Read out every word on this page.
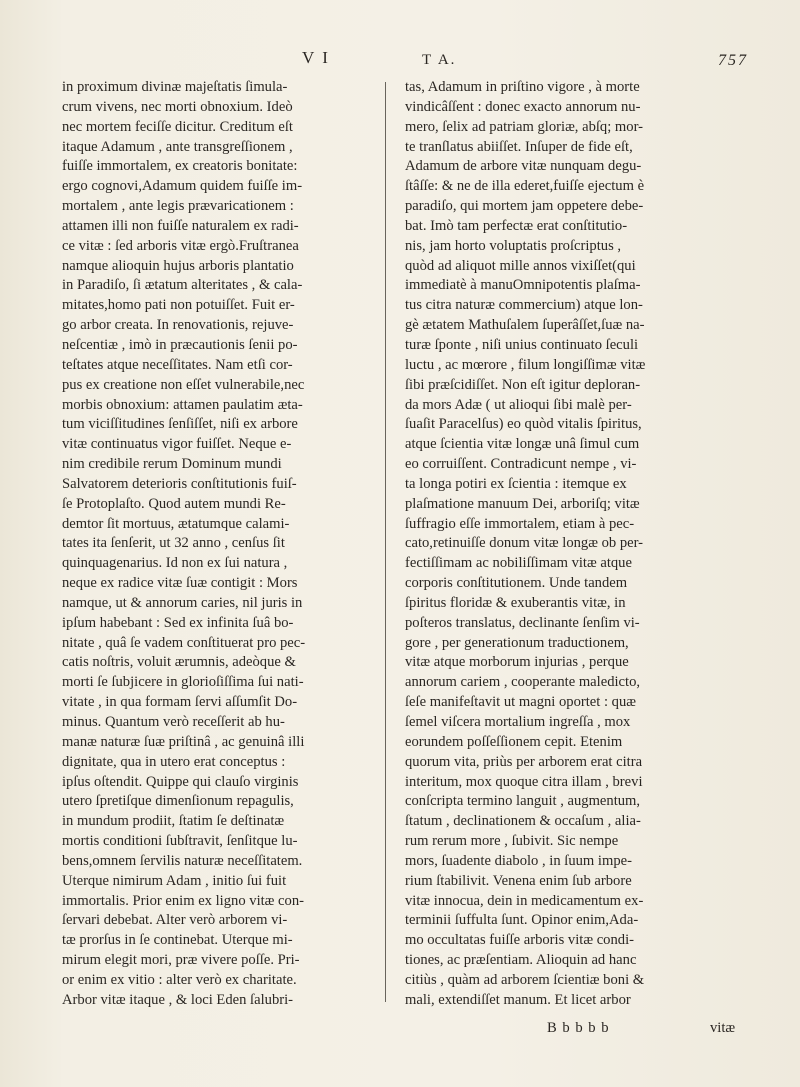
V I	T A.	757
in proximum divinæ majeſtatis ſimula-
crum vivens, nec morti obnoxium. Ideò
nec mortem feciſſe dicitur. Creditum eſt
itaque Adamum , ante transgreſſionem ,
fuiſſe immortalem, ex creatoris bonitate:
ergo cognovi,Adamum quidem fuiſſe im-
mortalem , ante legis prævaricationem :
attamen illi non fuiſſe naturalem ex radi-
ce vitæ : ſed arboris vitæ ergò.Fruſtranea
namque alioquin hujus arboris plantatio
in Paradiſo, ſi ætatum alteritates , & cala-
mitates,homo pati non potuiſſet. Fuit er-
go arbor creata. In renovationis, rejuve-
neſcentiæ , imò in præcautionis ſenii po-
teſtates atque neceſſitates. Nam etſi cor-
pus ex creatione non eſſet vulnerabile,nec
morbis obnoxium: attamen paulatim æta-
tum viciſſitudines ſenſiſſet, niſi ex arbore
vitæ continuatus vigor fuiſſet. Neque e-
nim credibile rerum Dominum mundi
Salvatorem deterioris conſtitutionis fuiſ-
ſe Protoplaſto. Quod autem mundi Re-
demtor ſit mortuus, ætatumque calami-
tates ita ſenſerit, ut 32 anno , cenſus ſit
quinquagenarius. Id non ex ſui natura ,
neque ex radice vitæ ſuæ contigit : Mors
namque, ut & annorum caries, nil juris in
ipſum habebant : Sed ex infinita ſuâ bo-
nitate , quâ ſe vadem conſtituerat pro pec-
catis noſtris, voluit ærumnis, adeòque &
morti ſe ſubjicere in glorioſiſſima ſui nati-
vitate , in qua formam ſervi aſſumſit Do-
minus. Quantum verò receſſerit ab hu-
manæ naturæ ſuæ priſtinâ , ac genuinâ illi
dignitate, qua in utero erat conceptus :
ipſus oſtendit. Quippe qui clauſo virginis
utero ſpretiſque dimenſionum repagulis,
in mundum prodiit, ſtatim ſe deſtinatæ
mortis conditioni ſubſtravit, ſenſitque lu-
bens,omnem ſervilis naturæ neceſſitatem.
Uterque nimirum Adam , initio ſui fuit
immortalis. Prior enim ex ligno vitæ con-
ſervari debebat. Alter verò arborem vi-
tæ prorſus in ſe continebat. Uterque mi-
mirum elegit mori, præ vivere poſſe. Pri-
or enim ex vitio : alter verò ex charitate.
Arbor vitæ itaque , & loci Eden ſalubri-
tas, Adamum in priſtino vigore , à morte
vindicâſſent : donec exacto annorum nu-
mero, ſelix ad patriam gloriæ, abſq; mor-
te tranſlatus abiiſſet. Inſuper de fide eſt,
Adamum de arbore vitæ nunquam degu-
ſtâſſe: & ne de illa ederet,fuiſſe ejectum è
paradiſo, qui mortem jam oppetere debe-
bat. Imò tam perfectæ erat conſtitutio-
nis, jam horto voluptatis proſcriptus ,
quòd ad aliquot mille annos vixiſſet(qui
immediatè à manuOmnipotentis plaſma-
tus citra naturæ commercium) atque lon-
gè ætatem Mathuſalem ſuperâſſet,ſuæ na-
turæ ſponte , niſi unius continuato ſeculi
luctu , ac mœrore , filum longiſſimæ vitæ
ſibi præſcidiſſet. Non eſt igitur deploran-
da mors Adæ ( ut alioqui ſibi malè per-
ſuaſit Paracelſus) eo quòd vitalis ſpiritus,
atque ſcientia vitæ longæ unâ ſimul cum
eo corruiſſent. Contradicunt nempe , vi-
ta longa potiri ex ſcientia : itemque ex
plaſmatione manuum Dei, arboriſq; vitæ
ſuffragio eſſe immortalem, etiam à pec-
cato,retinuiſſe donum vitæ longæ ob per-
fectiſſimam ac nobiliſſimam vitæ atque
corporis conſtitutionem. Unde tandem
ſpiritus floridæ & exuberantis vitæ, in
poſteros translatus, declinante ſenſim vi-
gore , per generationum traductionem,
vitæ atque morborum injurias , perque
annorum cariem , cooperante maledicto,
ſeſe manifeſtavit ut magni oportet : quæ
ſemel viſcera mortalium ingreſſa , mox
eorundem poſſeſſionem cepit. Etenim
quorum vita, priùs per arborem erat citra
interitum, mox quoque citra illam , brevi
conſcripta termino languit , augmentum,
ſtatum , declinationem & occaſum , alia-
rum rerum more , ſubivit. Sic nempe
mors, ſuadente diabolo , in ſuum impe-
rium ſtabilivit. Venena enim ſub arbore
vitæ innocua, dein in medicamentum ex-
terminii ſuffulta ſunt. Opinor enim,Ada-
mo occultatas fuiſſe arboris vitæ condi-
tiones, ac præſentiam. Alioquin ad hanc
citiùs , quàm ad arborem ſcientiæ boni &
mali, extendiſſet manum. Et licet arbor
B b b b b	vitæ
